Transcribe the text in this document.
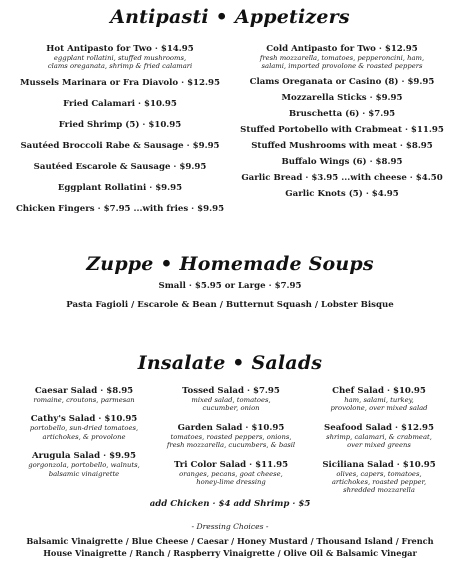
Antipasti • Appetizers
Hot Antipasto for Two · $14.95
eggplant rollatini, stuffed mushrooms,
clams oreganata, shrimp & fried calamari
Mussels Marinara or Fra Diavolo · $12.95
Fried Calamari · $10.95
Fried Shrimp (5) · $10.95
Sautéed Broccoli Rabe & Sausage · $9.95
Sautéed Escarole & Sausage · $9.95
Eggplant Rollatini · $9.95
Chicken Fingers · $7.95 ...with fries · $9.95
Cold Antipasto for Two · $12.95
fresh mozzarella, tomatoes, pepperoncini, ham,
salami, imported provolone & roasted peppers
Clams Oreganata or Casino (8) · $9.95
Mozzarella Sticks · $9.95
Bruschetta (6) · $7.95
Stuffed Portobello with Crabmeat · $11.95
Stuffed Mushrooms with meat · $8.95
Buffalo Wings (6) · $8.95
Garlic Bread · $3.95 ...with cheese · $4.50
Garlic Knots (5) · $4.95
Zuppe • Homemade Soups
Small · $5.95 or Large · $7.95
Pasta Fagioli / Escarole & Bean / Butternut Squash / Lobster Bisque
Insalate • Salads
Caesar Salad · $8.95
romaine, croutons, parmesan
Cathy's Salad · $10.95
portobello, sun-dried tomatoes,
artichokes, & provolone
Arugula Salad · $9.95
gorgonzola, portobello, walnuts,
balsamic vinaigrette
Tossed Salad · $7.95
mixed salad, tomatoes,
cucumber, onion
Garden Salad · $10.95
tomatoes, roasted peppers, onions,
fresh mozzarella, cucumbers, & basil
Tri Color Salad · $11.95
oranges, pecans, goat cheese,
honey-lime dressing
Chef Salad · $10.95
ham, salami, turkey,
provolone, over mixed salad
Seafood Salad · $12.95
shrimp, calamari, & crabmeat,
over mixed greens
Siciliana Salad · $10.95
olives, capers, tomatoes,
artichokes, roasted pepper,
shredded mozzarella
add Chicken · $4 add Shrimp · $5
- Dressing Choices -
Balsamic Vinaigrette / Blue Cheese / Caesar / Honey Mustard / Thousand Island / French
House Vinaigrette / Ranch / Raspberry Vinaigrette / Olive Oil & Balsamic Vinegar
